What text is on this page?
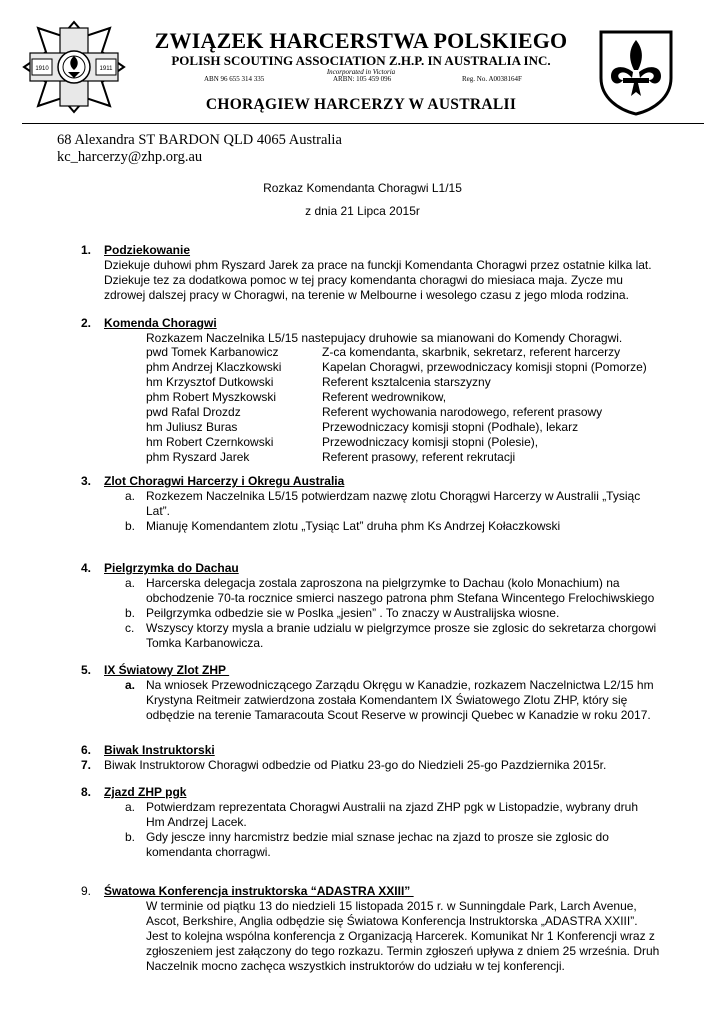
1910	1911
ZWIĄZEK HARCERSTWA POLSKIEGO
POLISH SCOUTING ASSOCIATION Z.H.P. IN AUSTRALIA INC.
Incorporated in Victoria
ABN 96 655 314 335	ARBN: 105 459 096	Reg. No. A0038164F
CHORĄGIEW HARCERZY W AUSTRALII
68 Alexandra ST BARDON QLD 4065 Australia
kc_harcerzy@zhp.org.au
Rozkaz Komendanta Choragwi L1/15
z dnia 21 Lipca 2015r
1. Podziekowanie
Dziekuje duhowi phm Ryszard Jarek za prace na funckji Komendanta Choragwi przez ostatnie kilka lat.
Dziekuje tez za dodatkowa pomoc w tej pracy komendanta choragwi do miesiaca maja. Zycze mu
zdrowej dalszej pracy w Choragwi, na terenie w Melbourne i wesolego czasu z jego mloda rodzina.
2. Komenda Choragwi
Rozkazem Naczelnika L5/15 nastepujacy druhowie sa mianowani do Komendy Choragwi.
pwd Tomek Karbanowicz	Z-ca komendanta, skarbnik, sekretarz, referent harcerzy
phm Andrzej Klaczkowski	Kapelan Choragwi, przewodniczacy komisji stopni (Pomorze)
hm Krzysztof Dutkowski	Referent ksztalcenia starszyzny
phm Robert Myszkowski	Referent wedrownikow,
pwd Rafal Drozdz	Referent wychowania narodowego, referent prasowy
hm Juliusz Buras	Przewodniczacy komisji stopni (Podhale), lekarz
hm Robert Czernkowski	Przewodniczacy komisji stopni (Polesie),
phm Ryszard Jarek	Referent prasowy, referent rekrutacji
3. Zlot Choragwi Harcerzy i Okregu Australia
a. Rozkezem Naczelnika L5/15 potwierdzam nazwę zlotu Chorągwi Harcerzy w Australii „Tysiąc
Lat”.
b. Mianuję Komendantem zlotu „Tysiąc Lat” druha phm Ks Andrzej Kołaczkowski
4. Pielgrzymka do Dachau
a. Harcerska delegacja zostala zaproszona na pielgrzymke to Dachau (kolo Monachium) na
obchodzenie 70-ta rocznice smierci naszego patrona phm Stefana Wincentego Frelochiwskiego
b. Peilgrzymka odbedzie sie w Poslka „jesien” . To znaczy w Australijska wiosne.
c. Wszyscy ktorzy mysla a branie udzialu w pielgrzymce prosze sie zglosic do sekretarza chorgowi
Tomka Karbanowicza.
5. IX Światowy Zlot ZHP
a. Na wniosek Przewodniczącego Zarządu Okręgu w Kanadzie, rozkazem Naczelnictwa L2/15 hm
Krystyna Reitmeir zatwierdzona została Komendantem IX Światowego Zlotu ZHP, który się
odbędzie na terenie Tamaracouta Scout Reserve w prowincji Quebec w Kanadzie w roku 2017.
6. Biwak Instruktorski
7. Biwak Instruktorow Choragwi odbedzie od Piatku 23-go do Niedzieli 25-go Pazdziernika 2015r.
8. Zjazd ZHP pgk
a. Potwierdzam reprezentata Choragwi Australii na zjazd ZHP pgk w Listopadzie, wybrany druh
Hm Andrzej Lacek.
b. Gdy jescze inny harcmistrz bedzie mial sznase jechac na zjazd to prosze sie zglosic do
komendanta chorragwi.
9. Śwatowa Konferencja instruktorska “ADASTRA XXIII”
W terminie od piątku 13 do niedzieli 15 listopada 2015 r. w Sunningdale Park, Larch Avenue,
Ascot, Berkshire, Anglia odbędzie się Światowa Konferencja Instruktorska „ADASTRA XXIII”.
Jest to kolejna wspólna konferencja z Organizacją Harcerek. Komunikat Nr 1 Konferencji wraz z
zgłoszeniem jest załączony do tego rozkazu. Termin zgłoszeń upływa z dniem 25 września. Druh
Naczelnik mocno zachęca wszystkich instruktorów do udziału w tej konferencji.
